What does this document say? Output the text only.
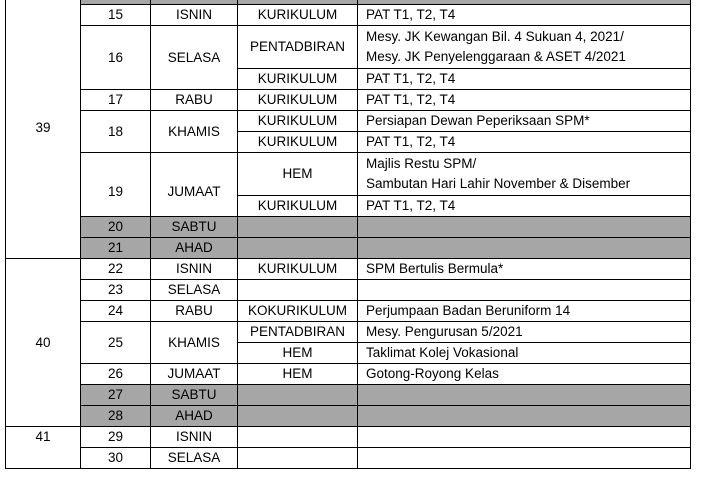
39				
	15	ISNIN	KURIKULUM	PAT T1, T2, T4
	16	SELASA	PENTADBIRAN	Mesy. JK Kewangan Bil. 4 Sukuan 4, 2021/
Mesy. JK Penyelenggaraan & ASET 4/2021

			KURIKULUM	PAT T1, T2, T4
	17	RABU	KURIKULUM	PAT T1, T2, T4
	18	KHAMIS	KURIKULUM	Persiapan Dewan Peperiksaan SPM*
			KURIKULUM	PAT T1, T2, T4
	19	JUMAAT	HEM	Majlis Restu SPM/
Sambutan Hari Lahir November & Disember

			KURIKULUM	PAT T1, T2, T4
	20	SABTU		
	21	AHAD		
40	22	ISNIN	KURIKULUM	SPM Bertulis Bermula*
	23	SELASA		
	24	RABU	KOKURIKULUM	Perjumpaan Badan Beruniform 14
	25	KHAMIS	PENTADBIRAN	Mesy. Pengurusan 5/2021
			HEM	Taklimat Kolej Vokasional
	26	JUMAAT	HEM	Gotong-Royong Kelas
	27	SABTU		
	28	AHAD		
41	29	ISNIN		
	30	SELASA		
